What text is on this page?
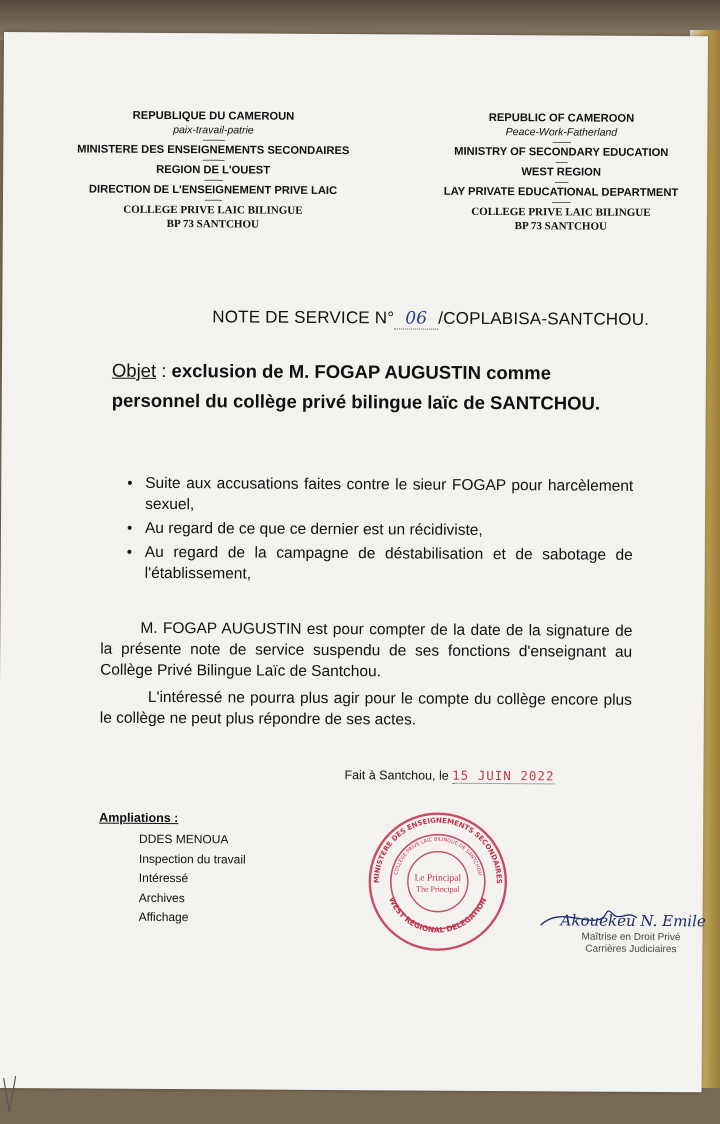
REPUBLIQUE DU CAMEROUN
paix-travail-patrie
-------------
MINISTERE DES ENSEIGNEMENTS SECONDAIRES
-------------
REGION DE L'OUEST
-----------
DIRECTION DE L'ENSEIGNEMENT PRIVE LAIC
----------
COLLEGE PRIVE LAIC BILINGUE
BP 73 SANTCHOU
REPUBLIC OF CAMEROON
Peace-Work-Fatherland
-----------
MINISTRY OF SECONDARY EDUCATION
-------
WEST REGION
--------
LAY PRIVATE EDUCATIONAL DEPARTMENT
-----------
COLLEGE PRIVE LAIC BILINGUE
BP 73 SANTCHOU
NOTE DE SERVICE N° 06 /COPLABISA-SANTCHOU.
Objet : exclusion de M. FOGAP AUGUSTIN comme personnel du collège privé bilingue laïc de SANTCHOU.
• Suite aux accusations faites contre le sieur FOGAP pour harcèlement sexuel,
• Au regard de ce que ce dernier est un récidiviste,
• Au regard de la campagne de déstabilisation et de sabotage de l'établissement,
M. FOGAP AUGUSTIN est pour compter de la date de la signature de la présente note de service suspendu de ses fonctions d'enseignant au Collège Privé Bilingue Laïc de Santchou.
L'intéressé ne pourra plus agir pour le compte du collège encore plus le collège ne peut plus répondre de ses actes.
Fait à Santchou, le 15 JUIN 2022
Ampliations :
DDES MENOUA
Inspection du travail
Intéressé
Archives
Affichage
MINISTERE DES ENSEIGNEMENTS SECONDAIRES
WEST REGIONAL DELEGATION
COLLEGE PRIVE LAIC BILINGUE DE SANTCHOU
Le Principal
The Principal
Akouekeu N. Emile
Maîtrise en Droit Privé
Carrières Judiciaires
